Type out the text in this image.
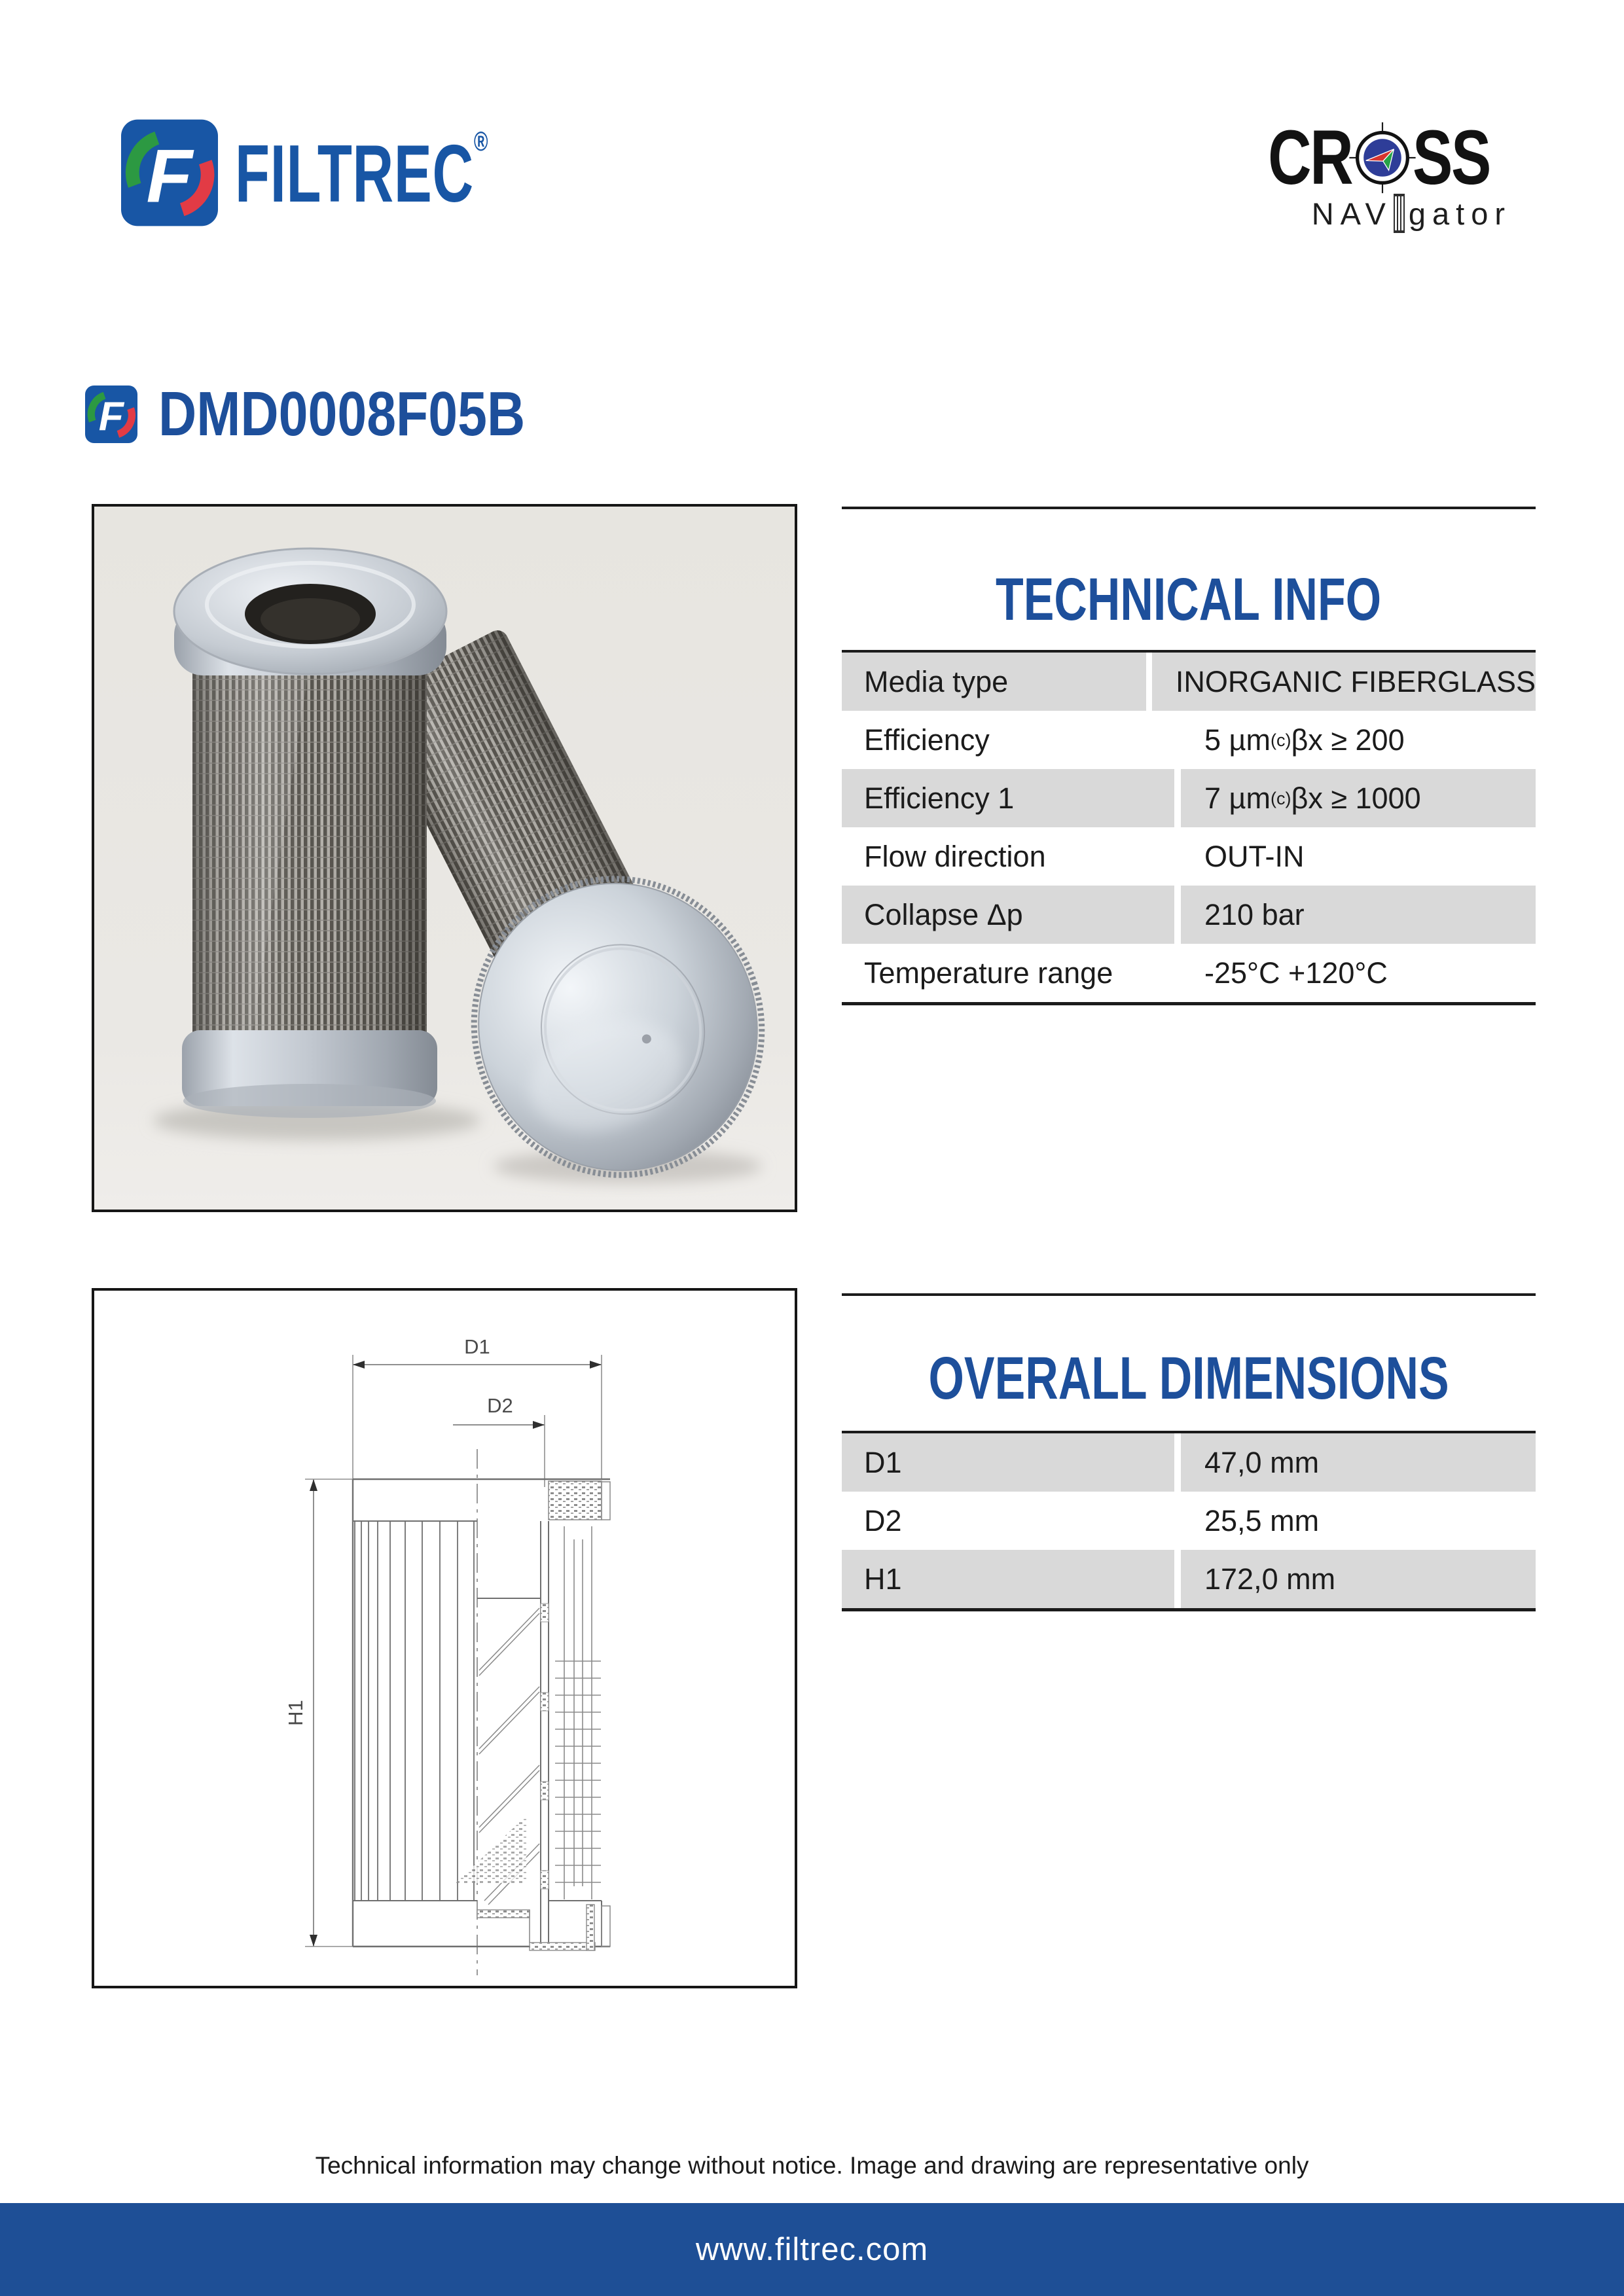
F FILTREC®	CR SS
NAV gator
F DMD0008F05B
D1
D2
H1
TECHNICAL INFO
Media type	INORGANIC FIBERGLASS
Efficiency	5 µm (c) βx ≥ 200
Efficiency 1	7 µm (c) βx ≥ 1000
Flow direction	OUT-IN
Collapse Δp	210 bar
Temperature range	-25°C +120°C
OVERALL DIMENSIONS
D1	47,0 mm
D2	25,5 mm
H1	172,0 mm
Technical information may change without notice. Image and drawing are representative only
www.filtrec.com
